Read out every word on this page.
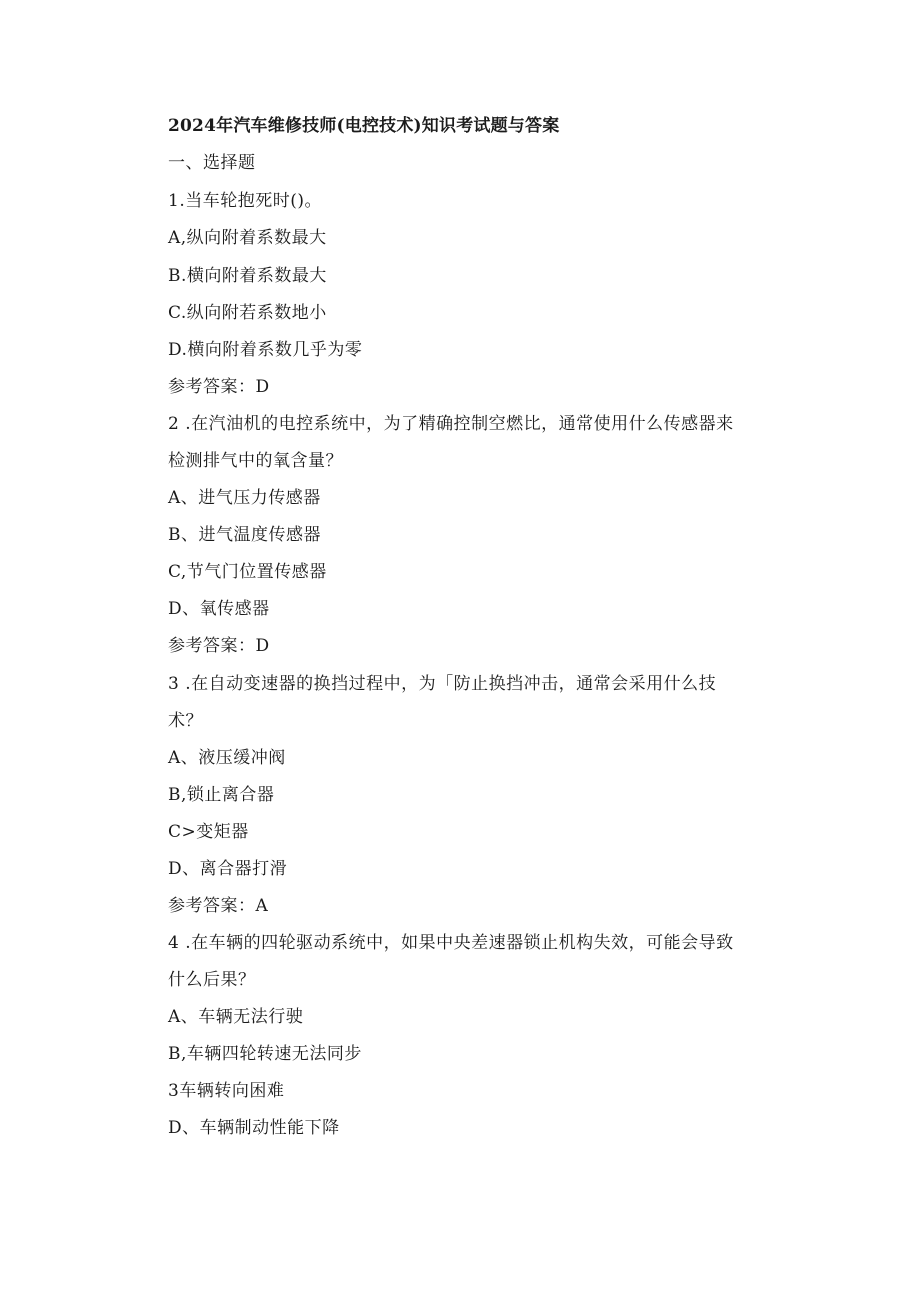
2024年汽车维修技师(电控技术)知识考试题与答案
一、选择题
1.当车轮抱死时()。
A,纵向附着系数最大
B.横向附着系数最大
C.纵向附若系数地小
D.横向附着系数几乎为零
参考答案：D
2 .在汽油机的电控系统中，为了精确控制空燃比，通常使用什么传感器来
检测排气中的氧含量？
A、进气压力传感器
B、进气温度传感器
C,节气门位置传感器
D、氧传感器
参考答案：D
3 .在自动变速器的换挡过程中，为「防止换挡冲击，通常会采用什么技
术？
A、液压缓冲阀
B,锁止离合器
C>变矩器
D、离合器打滑
参考答案：A
4 .在车辆的四轮驱动系统中，如果中央差速器锁止机构失效，可能会导致
什么后果？
A、车辆无法行驶
B,车辆四轮转速无法同步
3车辆转向困难
D、车辆制动性能下降
